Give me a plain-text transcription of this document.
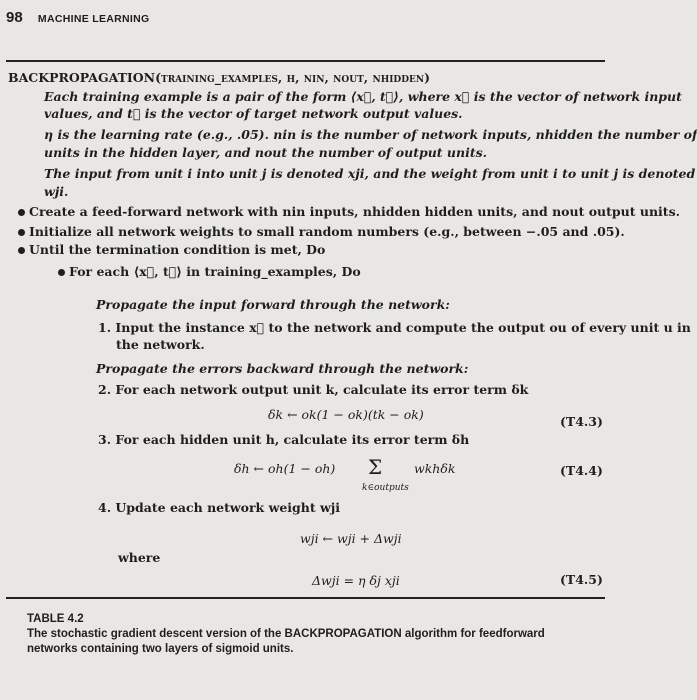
98 MACHINE LEARNING
BACKPROPAGATION(training_examples, η, nin, nout, nhidden)
Each training example is a pair of the form ⟨x⃗, t⃗⟩, where x⃗ is the vector of network input
values, and t⃗ is the vector of target network output values.
η is the learning rate (e.g., .05). nin is the number of network inputs, nhidden the number of
units in the hidden layer, and nout the number of output units.
The input from unit i into unit j is denoted xji, and the weight from unit i to unit j is denoted
wji.
Create a feed-forward network with nin inputs, nhidden hidden units, and nout output units.
Initialize all network weights to small random numbers (e.g., between −.05 and .05).
Until the termination condition is met, Do
For each ⟨x⃗, t⃗⟩ in training_examples, Do
Propagate the input forward through the network:
1. Input the instance x⃗ to the network and compute the output ou of every unit u in
the network.
Propagate the errors backward through the network:
2. For each network output unit k, calculate its error term δk
δk ← ok(1 − ok)(tk − ok)	(T4.3)
3. For each hidden unit h, calculate its error term δh
δh ← oh(1 − oh) Σ
k∈outputs
wkhδk	(T4.4)
4. Update each network weight wji
wji ← wji + Δwji
where
Δwji = η δj xji	(T4.5)
TABLE 4.2
The stochastic gradient descent version of the BACKPROPAGATION algorithm for feedforward networks containing two layers of sigmoid units.
